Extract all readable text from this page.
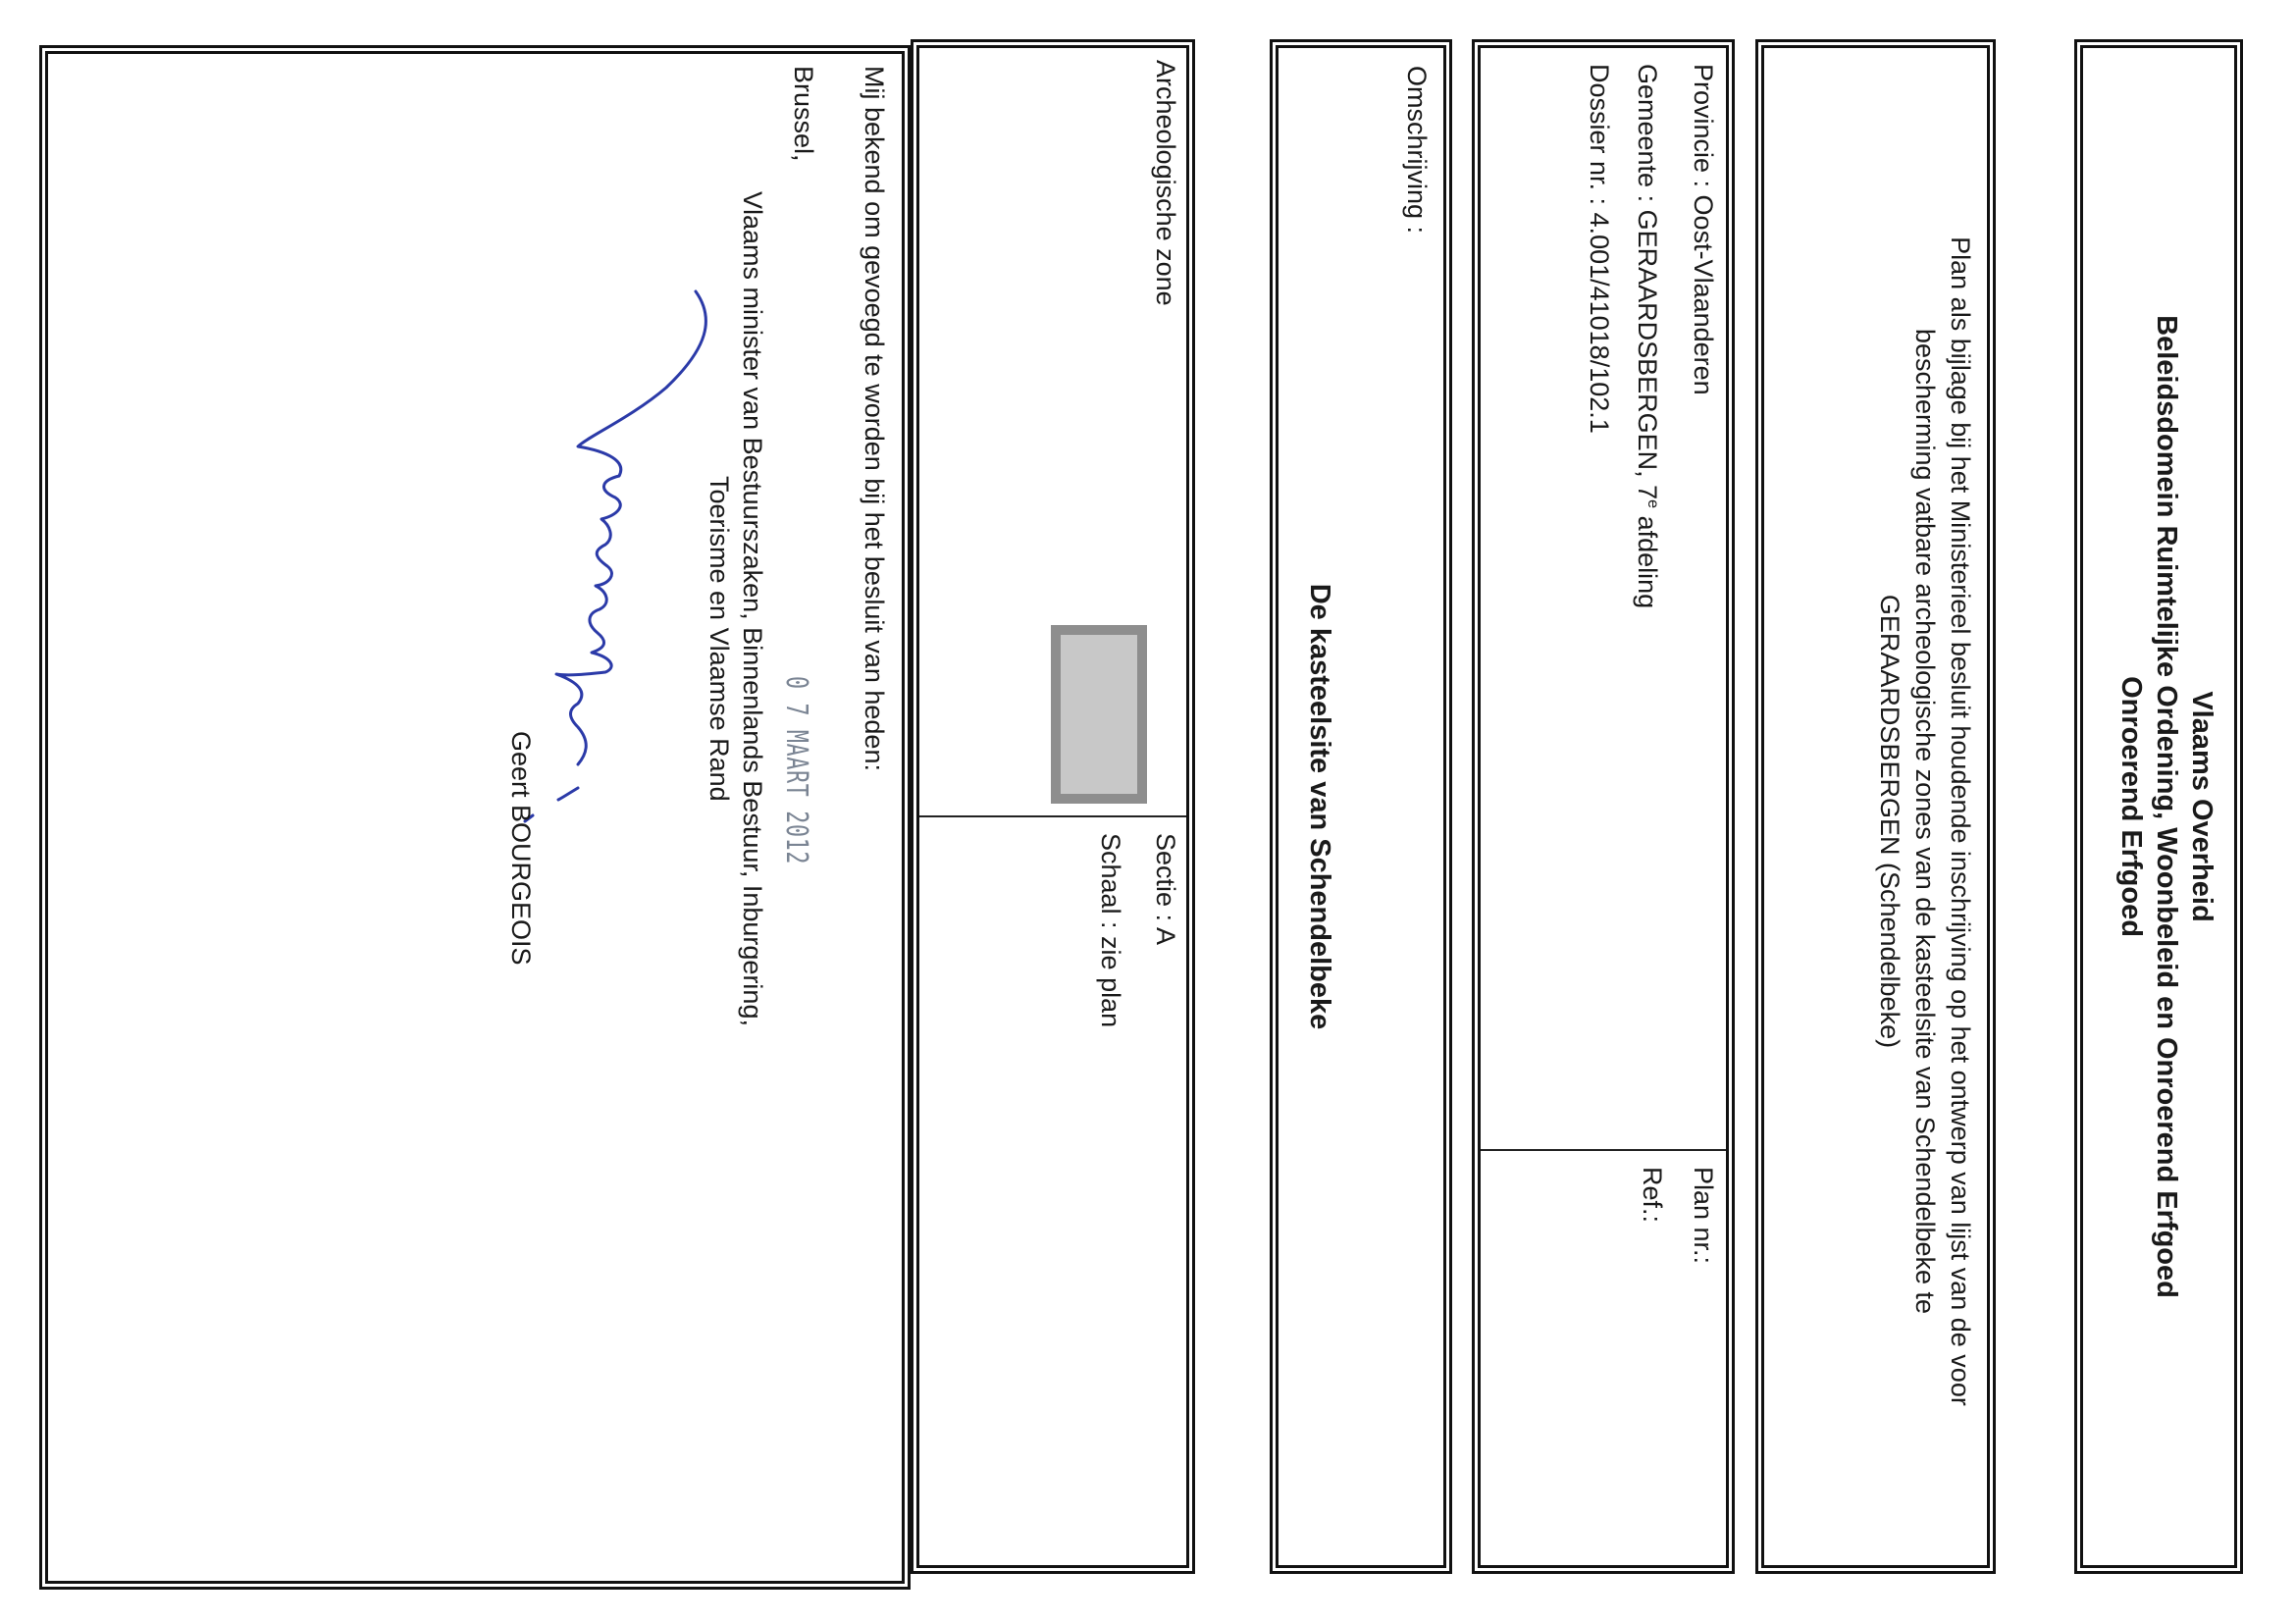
Vlaams Overheid
Beleidsdomein Ruimtelijke Ordening, Woonbeleid en Onroerend Erfgoed
Onroerend Erfgoed
Plan als bijlage bij het Ministerieel besluit houdende inschrijving op het ontwerp van lijst van de voor
bescherming vatbare archeologische zones van de kasteelsite van Schendelbeke te
GERAARDSBERGEN (Schendelbeke)
Provincie : Oost-Vlaanderen
Gemeente : GERAARDSBERGEN, 7e afdeling
Dossier nr. : 4.001/41018/102.1
Plan nr.:
Ref.:
Omschrijving :
De kasteelsite van Schendelbeke
Archeologische zone
Sectie : A
Schaal : zie plan
Mij bekend om gevoegd te worden bij het besluit van heden:
Brussel,
0 7 MAART 2012
Vlaams minister van Bestuurszaken, Binnenlands Bestuur, Inburgering,
Toerisme en Vlaamse Rand
Geert BOURGEOIS
